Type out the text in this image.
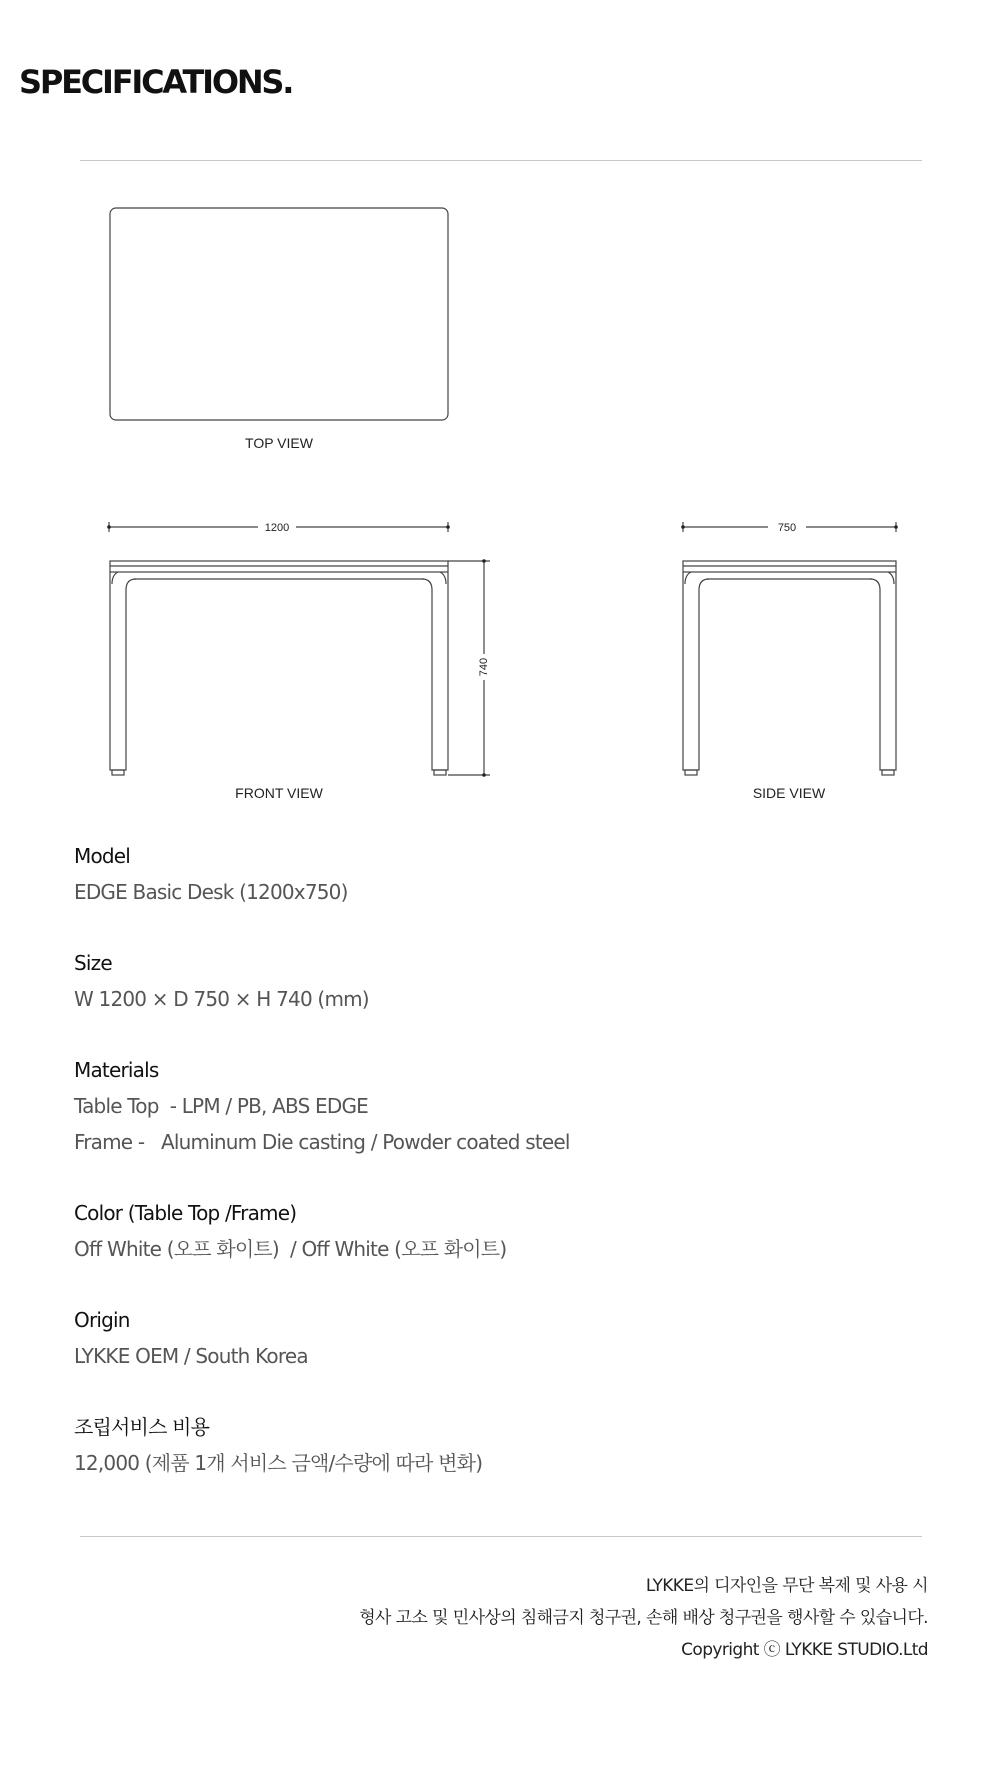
SPECIFICATIONS.
TOP VIEW
1200
740
FRONT VIEW
750
SIDE VIEW

Model

EDGE Basic Desk (1200x750)

Size

W 1200 × D 750 × H 740 (mm)

Materials

Table Top  - LPM / PB, ABS EDGE

Frame -   Aluminum Die casting / Powder coated steel

Color (Table Top /Frame)

Off White (오프 화이트)  / Off White (오프 화이트)

Origin

LYKKE OEM / South Korea

조립서비스 비용

12,000 (제품 1개 서비스 금액/수량에 따라 변화)

LYKKE의 디자인을 무단 복제 및 사용 시
형사 고소 및 민사상의 침해금지 청구권, 손해 배상 청구권을 행사할 수 있습니다.
Copyright ⓒ LYKKE STUDIO.Ltd
